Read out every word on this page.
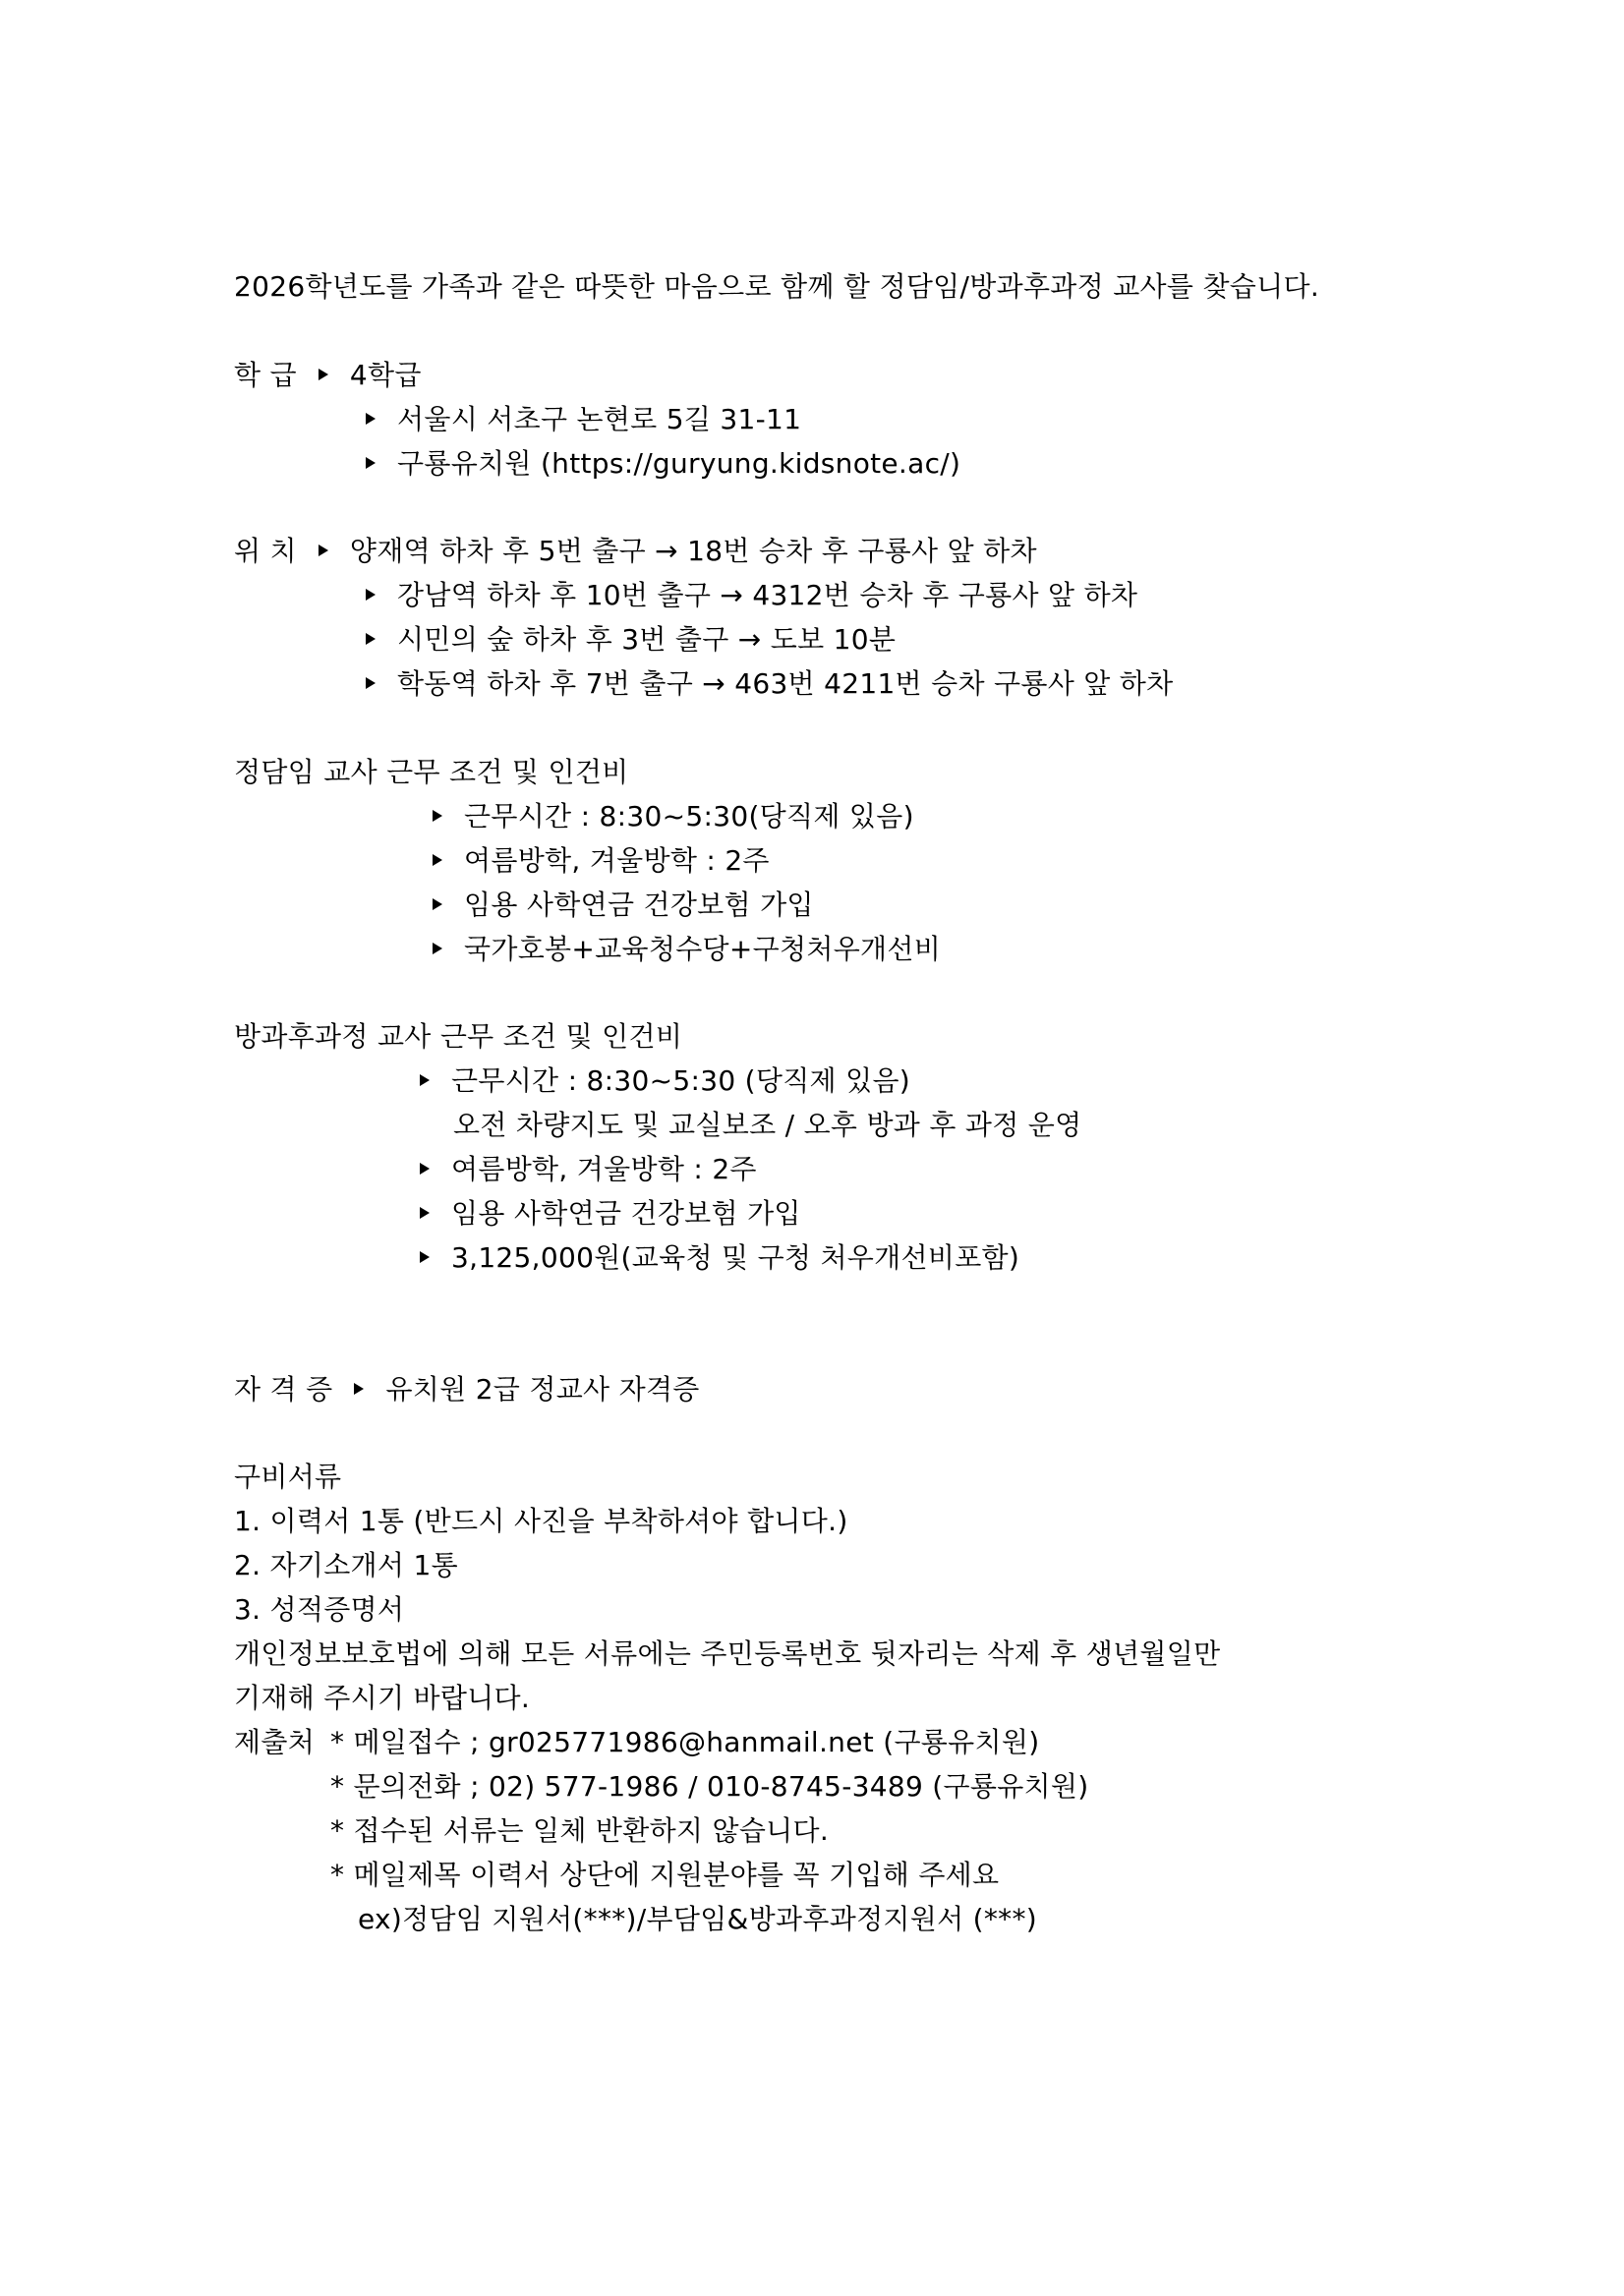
2026학년도를 가족과 같은 따뜻한 마음으로 함께 할 정담임/방과후과정 교사를 찾습니다.
학 급 4학급
서울시 서초구 논현로 5길 31-11
구룡유치원 (https://guryung.kidsnote.ac/)
위 치 양재역 하차 후 5번 출구 → 18번 승차 후 구룡사 앞 하차
강남역 하차 후 10번 출구 → 4312번 승차 후 구룡사 앞 하차
시민의 숲 하차 후 3번 출구 → 도보 10분
학동역 하차 후 7번 출구 → 463번 4211번 승차 구룡사 앞 하차
정담임 교사 근무 조건 및 인건비
근무시간 : 8:30~5:30(당직제 있음)
여름방학, 겨울방학 : 2주
임용 사학연금 건강보험 가입
국가호봉+교육청수당+구청처우개선비
방과후과정 교사 근무 조건 및 인건비
근무시간 : 8:30~5:30 (당직제 있음)
오전 차량지도 및 교실보조 / 오후 방과 후 과정 운영
여름방학, 겨울방학 : 2주
임용 사학연금 건강보험 가입
3,125,000원(교육청 및 구청 처우개선비포함)
자 격 증 유치원 2급 정교사 자격증
구비서류
1. 이력서 1통 (반드시 사진을 부착하셔야 합니다.)
2. 자기소개서 1통
3. 성적증명서
개인정보보호법에 의해 모든 서류에는 주민등록번호 뒷자리는 삭제 후 생년월일만
기재해 주시기 바랍니다.
제출처 * 메일접수 ; gr025771986@hanmail.net (구룡유치원)
* 문의전화 ; 02) 577-1986 / 010-8745-3489 (구룡유치원)
* 접수된 서류는 일체 반환하지 않습니다.
* 메일제목 이력서 상단에 지원분야를 꼭 기입해 주세요
ex)정담임 지원서(***)/부담임&방과후과정지원서 (***)
